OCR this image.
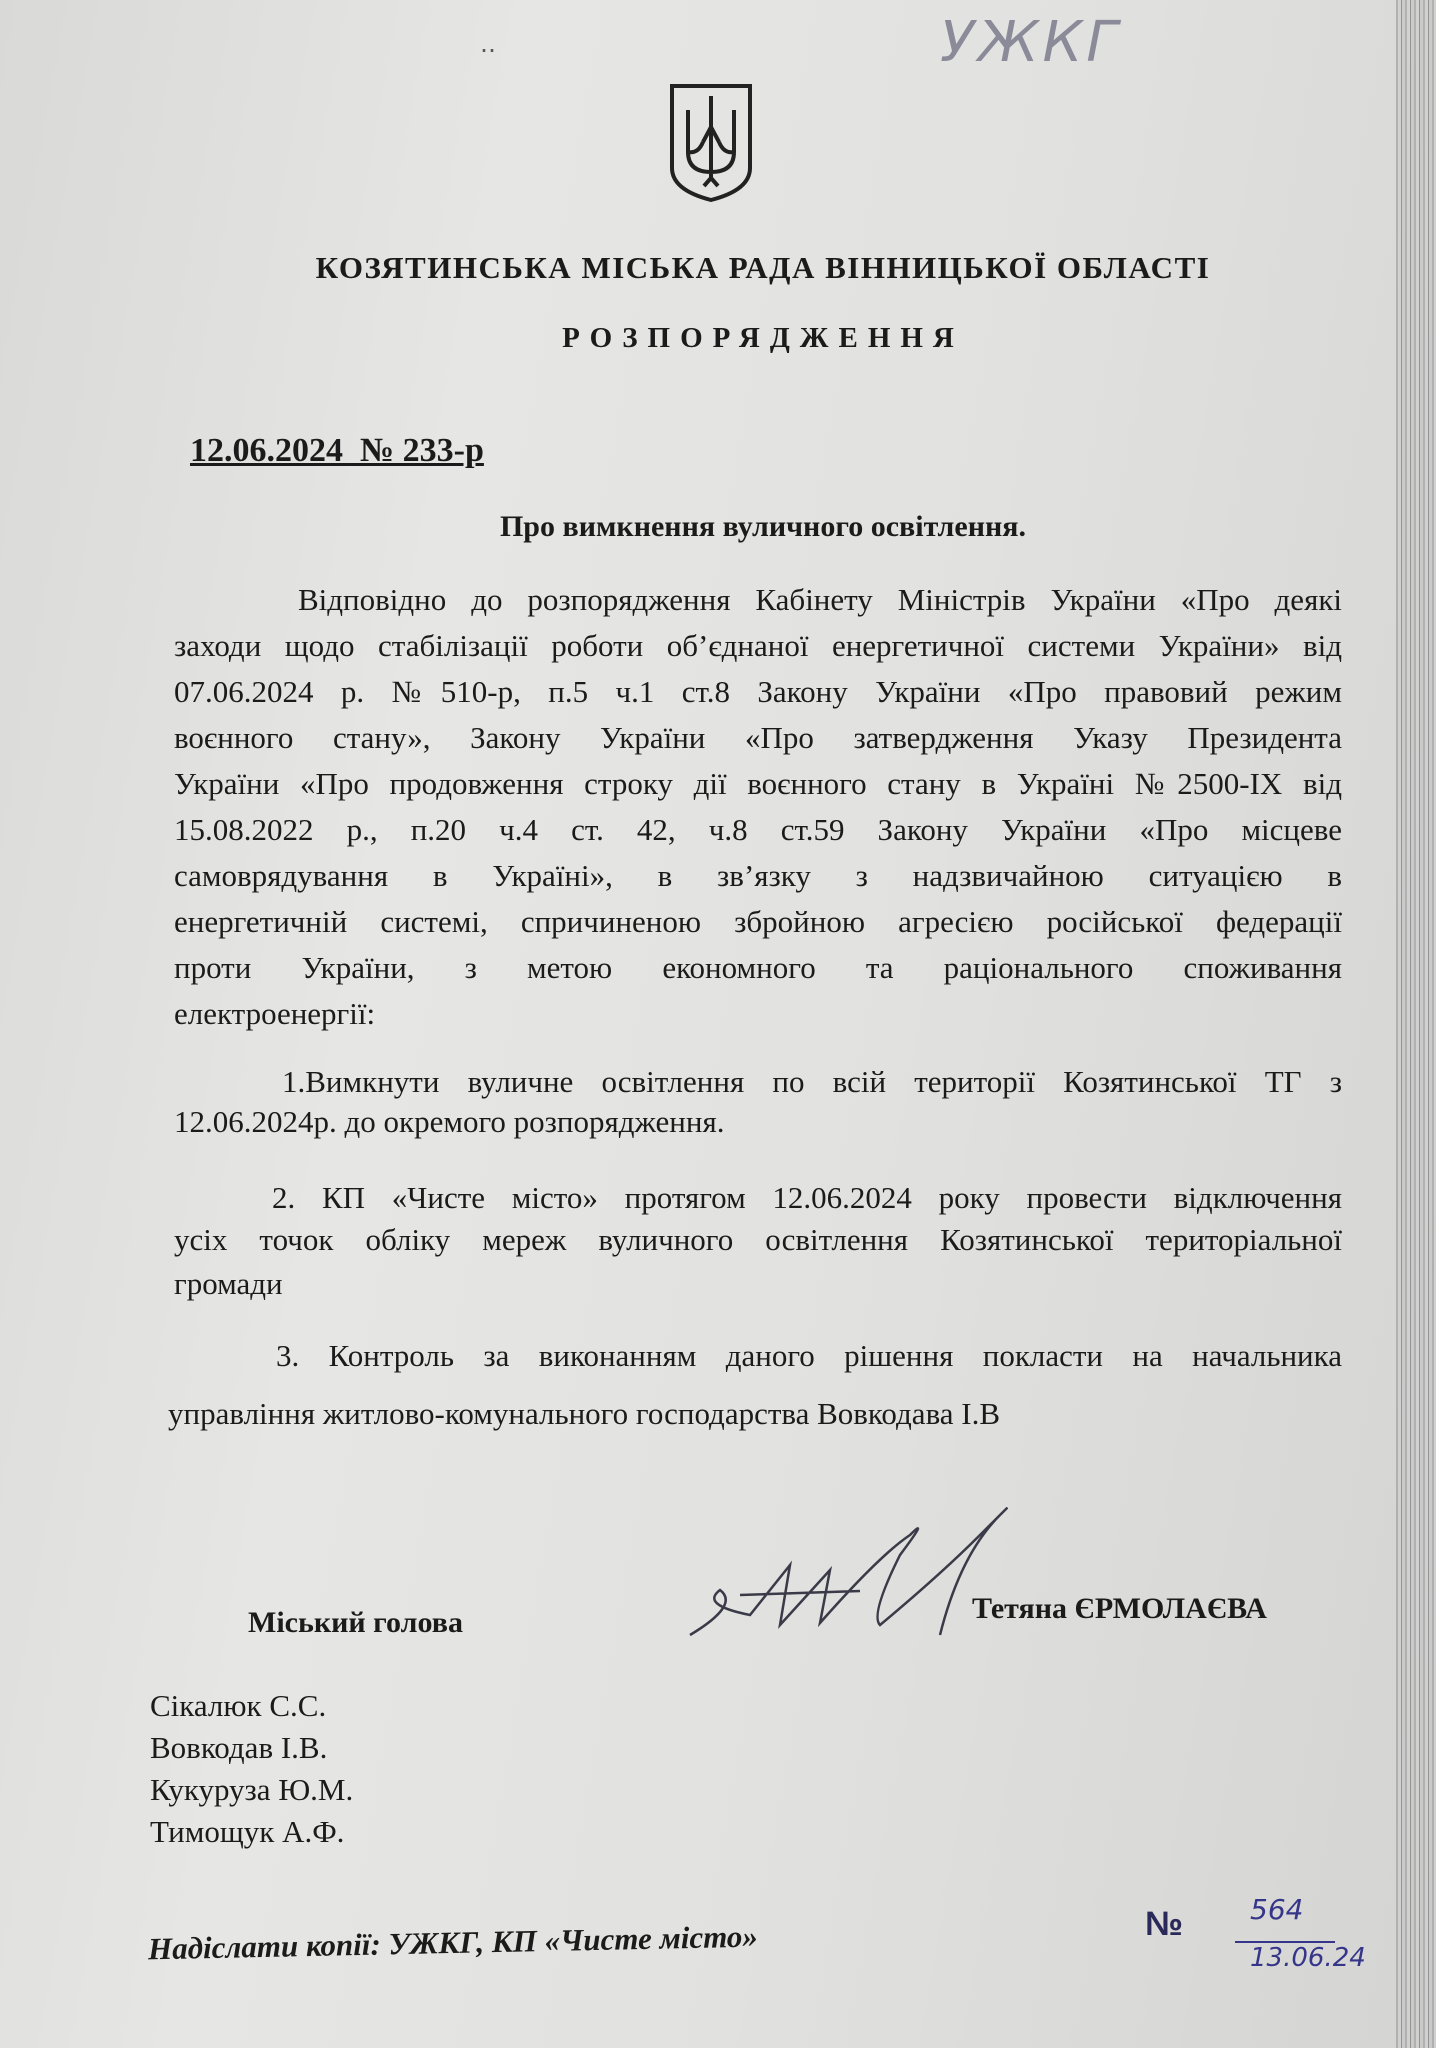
УЖКГ
‥
КОЗЯТИНСЬКА МІСЬКА РАДА ВІННИЦЬКОЇ ОБЛАСТІ
РОЗПОРЯДЖЕННЯ
12.06.2024 № 233-р
Про вимкнення вуличного освітлення.
Відповідно до розпорядження Кабінету Міністрів України «Про деякі
заходи щодо стабілізації роботи об’єднаної енергетичної системи України» від
07.06.2024 р. №510-р, п.5 ч.1 ст.8 Закону України «Про правовий режим
воєнного стану», Закону України «Про затвердження Указу Президента
України «Про продовження строку дії воєнного стану в Україні №2500-ІХ від
15.08.2022 р., п.20 ч.4 ст. 42, ч.8 ст.59 Закону України «Про місцеве
самоврядування в Україні», в зв’язку з надзвичайною ситуацією в
енергетичній системі, спричиненою збройною агресією російської федерації
проти України, з метою економного та раціонального споживання
електроенергії:
1.Вимкнути вуличне освітлення по всій території Козятинської ТГ з
12.06.2024р. до окремого розпорядження.
2. КП «Чисте місто» протягом 12.06.2024 року провести відключення
усіх точок обліку мереж вуличного освітлення Козятинської територіальної
громади
3. Контроль за виконанням даного рішення покласти на начальника
управління житлово-комунального господарства Вовкодава І.В
Міський голова	Тетяна ЄРМОЛАЄВА
Сікалюк С.С.
Вовкодав І.В.
Кукуруза Ю.М.
Тимощук А.Ф.
Надіслати копії: УЖКГ, КП «Чисте місто»	№ 564
13.06.24
